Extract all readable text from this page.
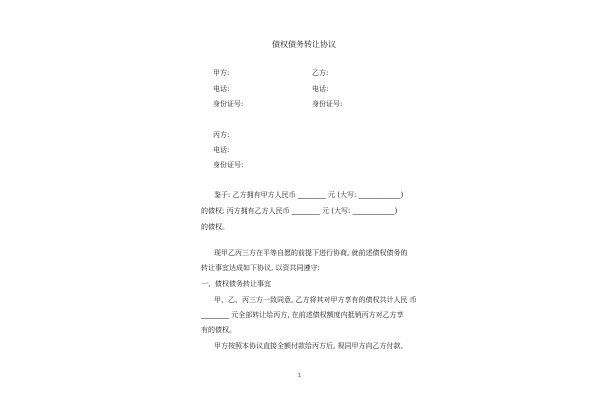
债权债务转让协议
甲方:	乙方:
电话:	电话:
身份证号:	身份证号:
丙方:
电话:
身份证号:
鉴于: 乙方拥有甲方人民币 ________ 元 (大写: ____________)
的债权; 丙方拥有乙方人民币 ________ 元 (大写: ____________)
的债权。
现甲乙丙三方在平等自愿的前提下进行协商, 就前述债权债务的
转让事宜达成如下协议, 以资共同遵守:
一、债权债务转让事宜
甲、乙、丙三方一致同意, 乙方将其对甲方享有的债权共计人民 币
________ 元全部转让给丙方, 在前述债权额度内抵销丙方对乙方享
有的债权。
甲方按照本协议直接全额付款给丙方后, 视同甲方向乙方付款。
1
